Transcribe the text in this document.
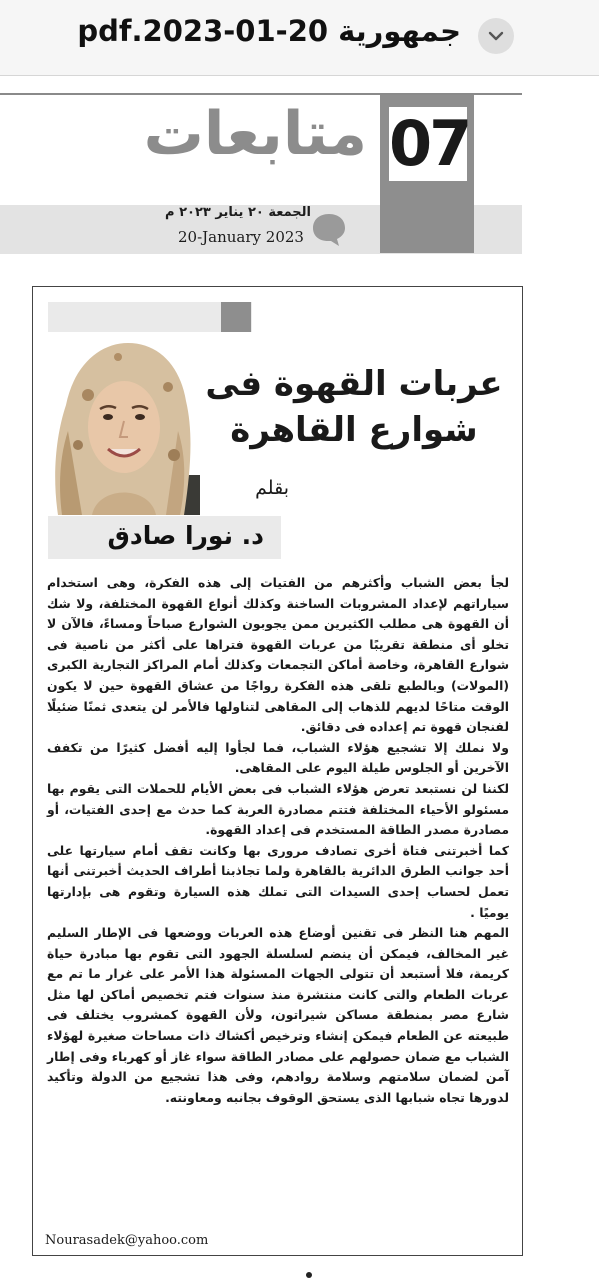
جمهورية 20-01-2023.pdf
07
متابعات
الجمعة ٢٠ يناير ٢٠٢٣ م
20-January 2023
عربات القهوة فى
شوارع القاهرة
بقلم
د. نورا صادق

لجأ بعض الشباب وأكثرهم من الفتيات إلى هذه الفكرة، وهى استخدام سياراتهم لإعداد المشروبات الساخنة وكذلك أنواع القهوة المختلفة، ولا شك أن القهوة هى مطلب الكثيرين ممن يجوبون الشوارع صباحاً ومساءً، فالآن لا تخلو أى منطقة تقريبًا من عربات القهوة فتراها على أكثر من ناصية فى شوارع القاهرة، وخاصة أماكن التجمعات وكذلك أمام المراكز التجارية الكبرى (المولات) وبالطبع تلقى هذه الفكرة رواجًا من عشاق القهوة حين لا يكون الوقت متاحًا لديهم للذهاب إلى المقاهى لتناولها فالأمر لن يتعدى ثمنًا ضئيلًا لفنجان قهوة تم إعداده فى دقائق.

ولا نملك إلا تشجيع هؤلاء الشباب، فما لجأوا إليه أفضل كثيرًا من تكفف الآخرين أو الجلوس طيلة اليوم على المقاهى.

لكننا لن نستبعد تعرض هؤلاء الشباب فى بعض الأيام للحملات التى يقوم بها مسئولو الأحياء المختلفة فتتم مصادرة العربة كما حدث مع إحدى الفتيات، أو مصادرة مصدر الطاقة المستخدم فى إعداد القهوة.

كما أخبرتنى فتاة أخرى تصادف مرورى بها وكانت تقف أمام سيارتها على أحد جوانب الطرق الدائرية بالقاهرة ولما تجاذبنا أطراف الحديث أخبرتنى أنها تعمل لحساب إحدى السيدات التى تملك هذه السيارة وتقوم هى بإدارتها يوميًا .

المهم هنا النظر فى تقنين أوضاع هذه العربات ووضعها فى الإطار السليم غير المخالف، فيمكن أن ينضم لسلسلة الجهود التى تقوم بها مبادرة حياة كريمة، فلا أستبعد أن تتولى الجهات المسئولة هذا الأمر على غرار ما تم مع عربات الطعام والتى كانت منتشرة منذ سنوات فتم تخصيص أماكن لها مثل شارع مصر بمنطقة مساكن شيراتون، ولأن القهوة كمشروب يختلف فى طبيعته عن الطعام فيمكن إنشاء وترخيص أكشاك ذات مساحات صغيرة لهؤلاء الشباب مع ضمان حصولهم على مصادر الطاقة سواء غاز أو كهرباء وفى إطار آمن لضمان سلامتهم وسلامة رواد‌هم، وفى هذا تشجيع من الدولة وتأكيد لدورها تجاه شبابها الذى يستحق الوقوف بجانبه ومعاونته.

Nourasadek@yahoo.com
